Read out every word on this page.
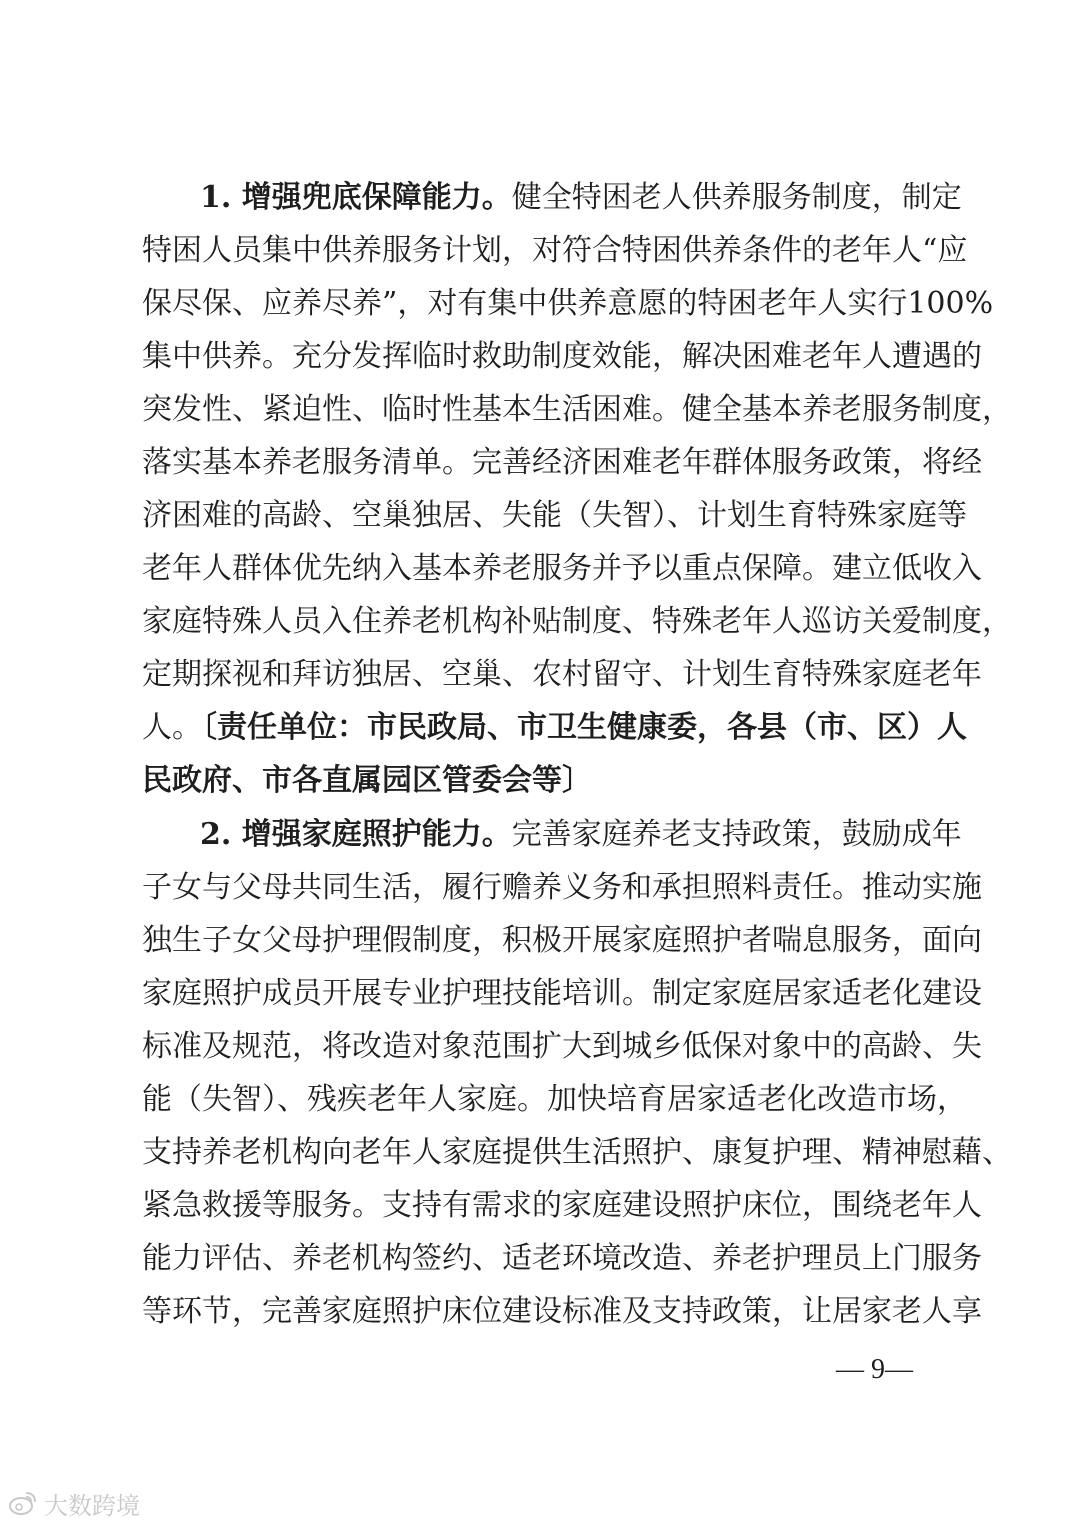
1. 增强兜底保障能力。健全特困老人供养服务制度，制定
特困人员集中供养服务计划，对符合特困供养条件的老年人“应
保尽保、应养尽养”，对有集中供养意愿的特困老年人实行100%
集中供养。充分发挥临时救助制度效能，解决困难老年人遭遇的
突发性、紧迫性、临时性基本生活困难。健全基本养老服务制度，
落实基本养老服务清单。完善经济困难老年群体服务政策，将经
济困难的高龄、空巢独居、失能（失智）、计划生育特殊家庭等
老年人群体优先纳入基本养老服务并予以重点保障。建立低收入
家庭特殊人员入住养老机构补贴制度、特殊老年人巡访关爱制度，
定期探视和拜访独居、空巢、农村留守、计划生育特殊家庭老年
人。〔责任单位：市民政局、市卫生健康委，各县（市、区）人
民政府、市各直属园区管委会等〕
2. 增强家庭照护能力。完善家庭养老支持政策，鼓励成年
子女与父母共同生活，履行赡养义务和承担照料责任。推动实施
独生子女父母护理假制度，积极开展家庭照护者喘息服务，面向
家庭照护成员开展专业护理技能培训。制定家庭居家适老化建设
标准及规范，将改造对象范围扩大到城乡低保对象中的高龄、失
能（失智）、残疾老年人家庭。加快培育居家适老化改造市场，
支持养老机构向老年人家庭提供生活照护、康复护理、精神慰藉、
紧急救援等服务。支持有需求的家庭建设照护床位，围绕老年人
能力评估、养老机构签约、适老环境改造、养老护理员上门服务
等环节，完善家庭照护床位建设标准及支持政策，让居家老人享
— 9—
大数跨境
